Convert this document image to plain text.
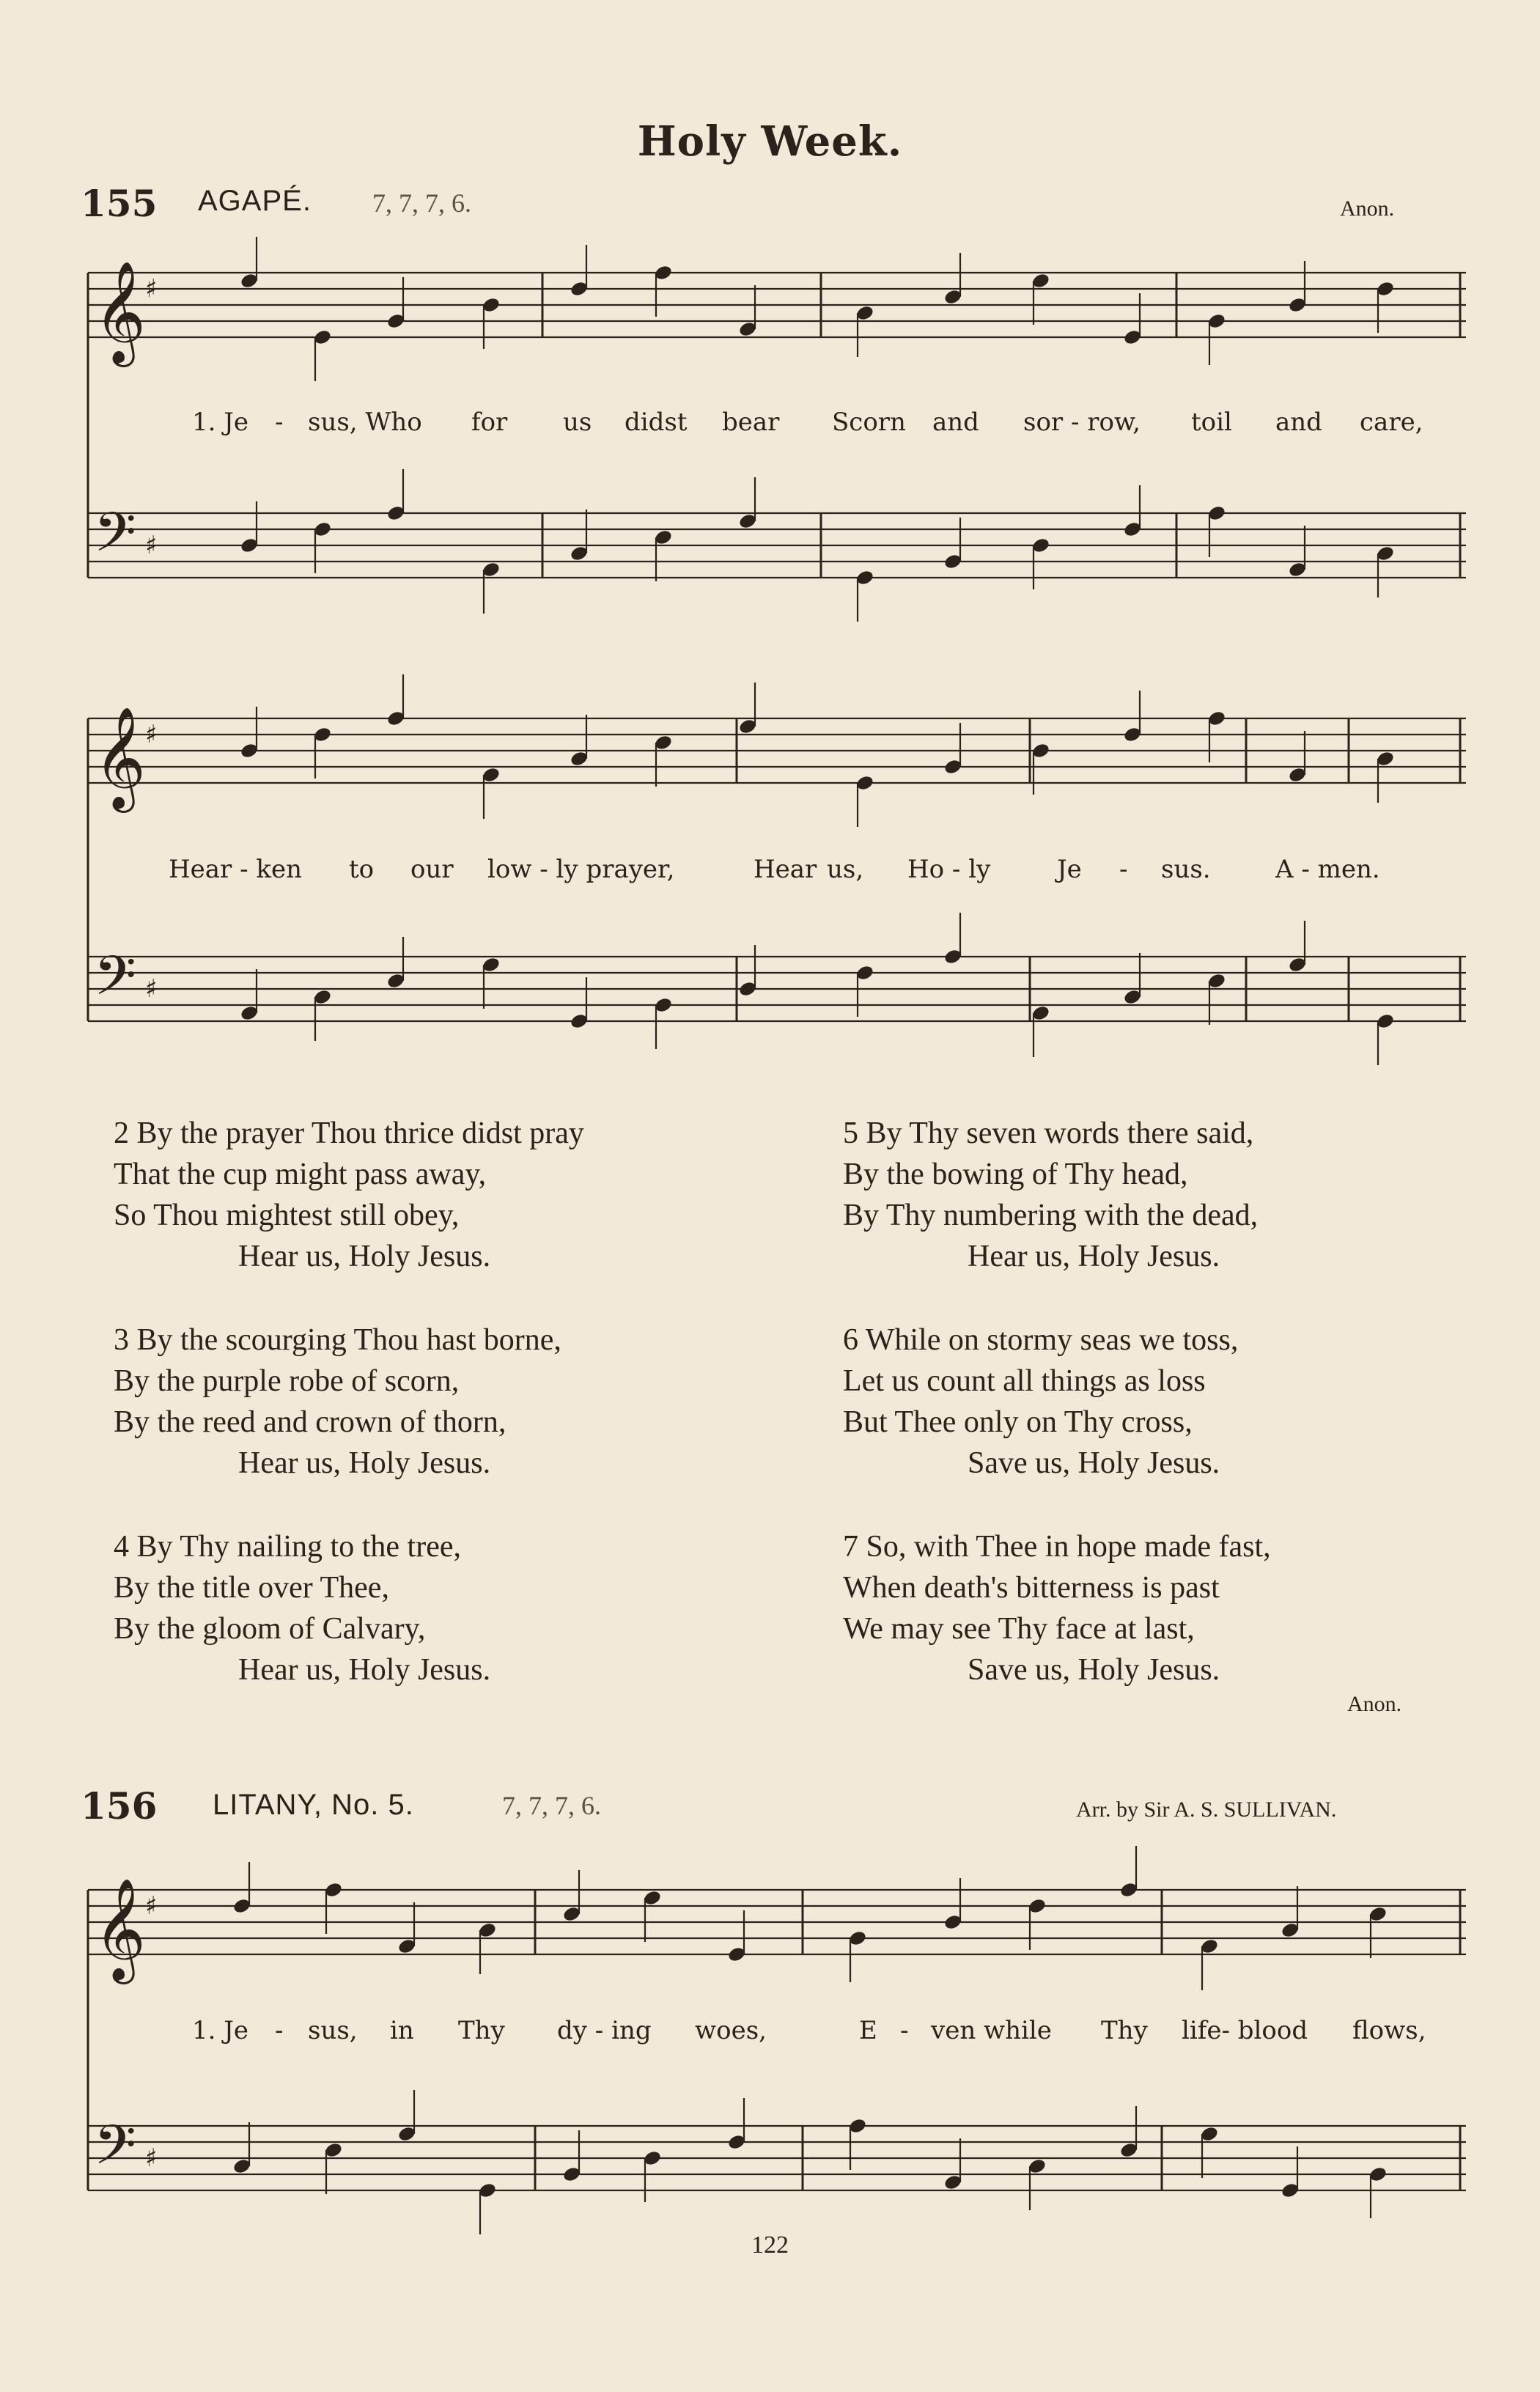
Holy Week.
155 AGAPÉ. 7, 7, 7, 6.	Anon.
𝄞
𝄢
♯
♯
𝄞
𝄢
♯
♯
1. Je - sus, Who for us didst bear Scorn and sor - row, toil and care,
Hear - ken to our low - ly prayer,	Hear us, Ho - ly	Je - sus.	A - men.
2 By the prayer Thou thrice didst pray
That the cup might pass away,
So Thou mightest still obey,
Hear us, Holy Jesus.
3 By the scourging Thou hast borne,
By the purple robe of scorn,
By the reed and crown of thorn,
Hear us, Holy Jesus.
4 By Thy nailing to the tree,
By the title over Thee,
By the gloom of Calvary,
Hear us, Holy Jesus.
5 By Thy seven words there said,
By the bowing of Thy head,
By Thy numbering with the dead,
Hear us, Holy Jesus.
6 While on stormy seas we toss,
Let us count all things as loss
But Thee only on Thy cross,
Save us, Holy Jesus.
7 So, with Thee in hope made fast,
When death's bitterness is past
We may see Thy face at last,
Save us, Holy Jesus.
Anon.
156 LITANY, No. 5.	7, 7, 7, 6.	Arr. by Sir A. S. SULLIVAN.
𝄞
𝄢
♯
♯
1. Je - sus, in Thy dy - ing woes,	E - ven while Thy life- blood flows,
122
